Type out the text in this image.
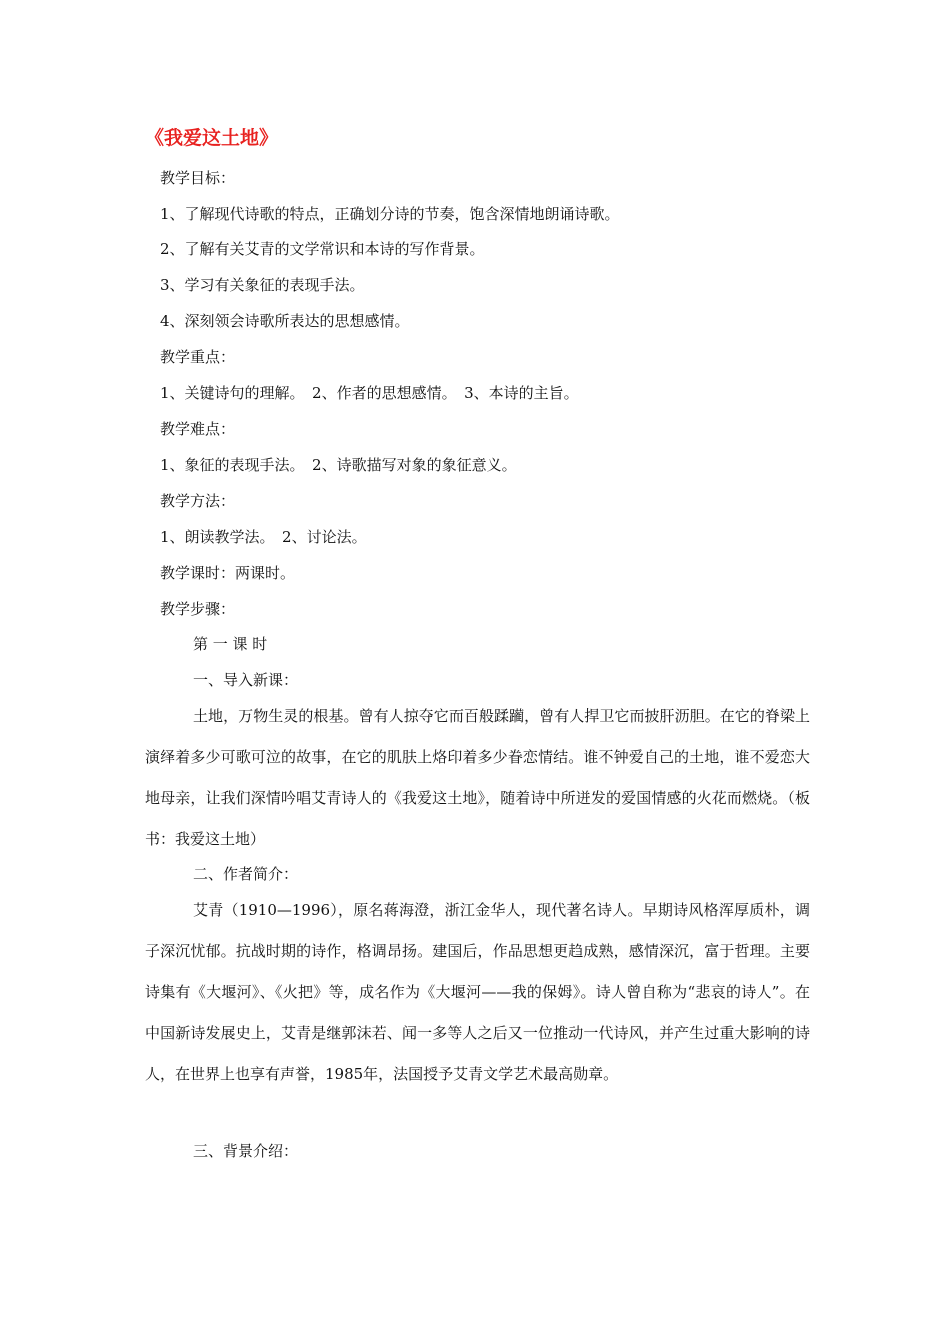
《我爱这土地》
教学目标：
1、了解现代诗歌的特点，正确划分诗的节奏，饱含深情地朗诵诗歌。
2、了解有关艾青的文学常识和本诗的写作背景。
3、学习有关象征的表现手法。
4、深刻领会诗歌所表达的思想感情。
教学重点：
1、关键诗句的理解。　2、作者的思想感情。　3、本诗的主旨。
教学难点：
1、象征的表现手法。　2、诗歌描写对象的象征意义。
教学方法：
1、朗读教学法。　2、讨论法。
教学课时：两课时。
教学步骤：
第 一 课 时
一、导入新课：
土地，万物生灵的根基。曾有人掠夺它而百般蹂躏，曾有人捍卫它而披肝沥胆。在它的脊梁上演绎着多少可歌可泣的故事，在它的肌肤上烙印着多少眷恋情结。谁不钟爱自己的土地，谁不爱恋大地母亲，让我们深情吟唱艾青诗人的《我爱这土地》，随着诗中所迸发的爱国情感的火花而燃烧。（板书：我爱这土地）
二、作者简介：
艾青（1910—1996），原名蒋海澄，浙江金华人，现代著名诗人。早期诗风格浑厚质朴，调子深沉忧郁。抗战时期的诗作，格调昂扬。建国后，作品思想更趋成熟，感情深沉，富于哲理。主要诗集有《大堰河》、《火把》等，成名作为《大堰河——我的保姆》。诗人曾自称为“悲哀的诗人”。在中国新诗发展史上，艾青是继郭沫若、闻一多等人之后又一位推动一代诗风，并产生过重大影响的诗人，在世界上也享有声誉，1985年，法国授予艾青文学艺术最高勋章。
三、背景介绍：
